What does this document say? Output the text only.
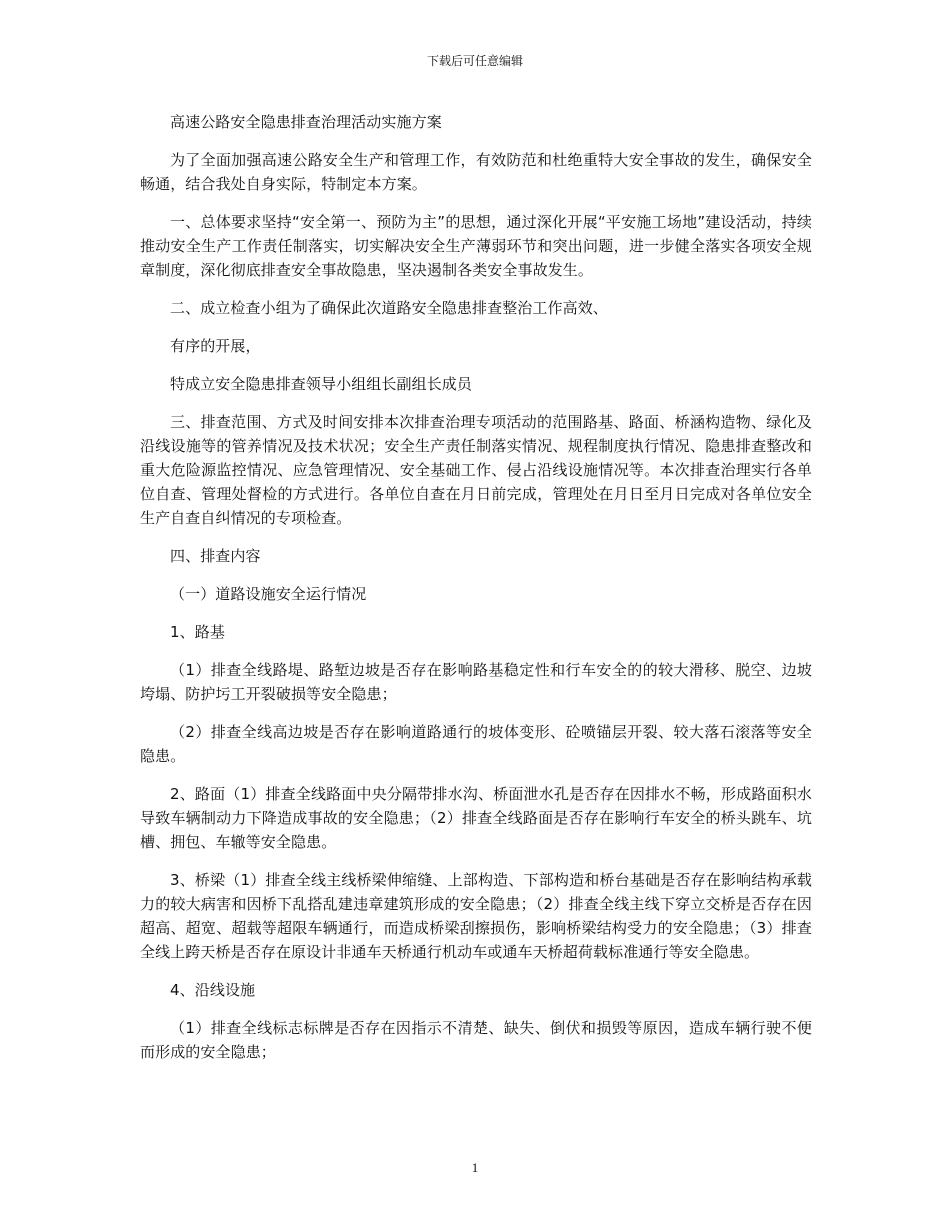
下载后可任意编辑

高速公路安全隐患排查治理活动实施方案

为了全面加强高速公路安全生产和管理工作，有效防范和杜绝重特大安全事故的发生，确保安全畅通，结合我处自身实际，特制定本方案。

一、总体要求坚持“安全第一、预防为主”的思想，通过深化开展“平安施工场地”建设活动，持续推动安全生产工作责任制落实，切实解决安全生产薄弱环节和突出问题，进一步健全落实各项安全规章制度，深化彻底排查安全事故隐患，坚决遏制各类安全事故发生。

二、成立检查小组为了确保此次道路安全隐患排查整治工作高效、

有序的开展，

特成立安全隐患排查领导小组组长副组长成员

三、排查范围、方式及时间安排本次排查治理专项活动的范围路基、路面、桥涵构造物、绿化及沿线设施等的管养情况及技术状况；安全生产责任制落实情况、规程制度执行情况、隐患排查整改和重大危险源监控情况、应急管理情况、安全基础工作、侵占沿线设施情况等。本次排查治理实行各单位自查、管理处督检的方式进行。各单位自查在月日前完成，管理处在月日至月日完成对各单位安全生产自查自纠情况的专项检查。

四、排查内容

（一）道路设施安全运行情况

1、路基

（1）排查全线路堤、路堑边坡是否存在影响路基稳定性和行车安全的的较大滑移、脱空、边坡垮塌、防护圬工开裂破损等安全隐患；

（2）排查全线高边坡是否存在影响道路通行的坡体变形、砼喷锚层开裂、较大落石滚落等安全隐患。

2、路面（1）排查全线路面中央分隔带排水沟、桥面泄水孔是否存在因排水不畅，形成路面积水导致车辆制动力下降造成事故的安全隐患；（2）排查全线路面是否存在影响行车安全的桥头跳车、坑槽、拥包、车辙等安全隐患。

3、桥梁（1）排查全线主线桥梁伸缩缝、上部构造、下部构造和桥台基础是否存在影响结构承载力的较大病害和因桥下乱搭乱建违章建筑形成的安全隐患；（2）排查全线主线下穿立交桥是否存在因超高、超宽、超载等超限车辆通行，而造成桥梁刮擦损伤，影响桥梁结构受力的安全隐患；（3）排查全线上跨天桥是否存在原设计非通车天桥通行机动车或通车天桥超荷载标准通行等安全隐患。

4、沿线设施

（1）排查全线标志标牌是否存在因指示不清楚、缺失、倒伏和损毁等原因，造成车辆行驶不便而形成的安全隐患；

1
